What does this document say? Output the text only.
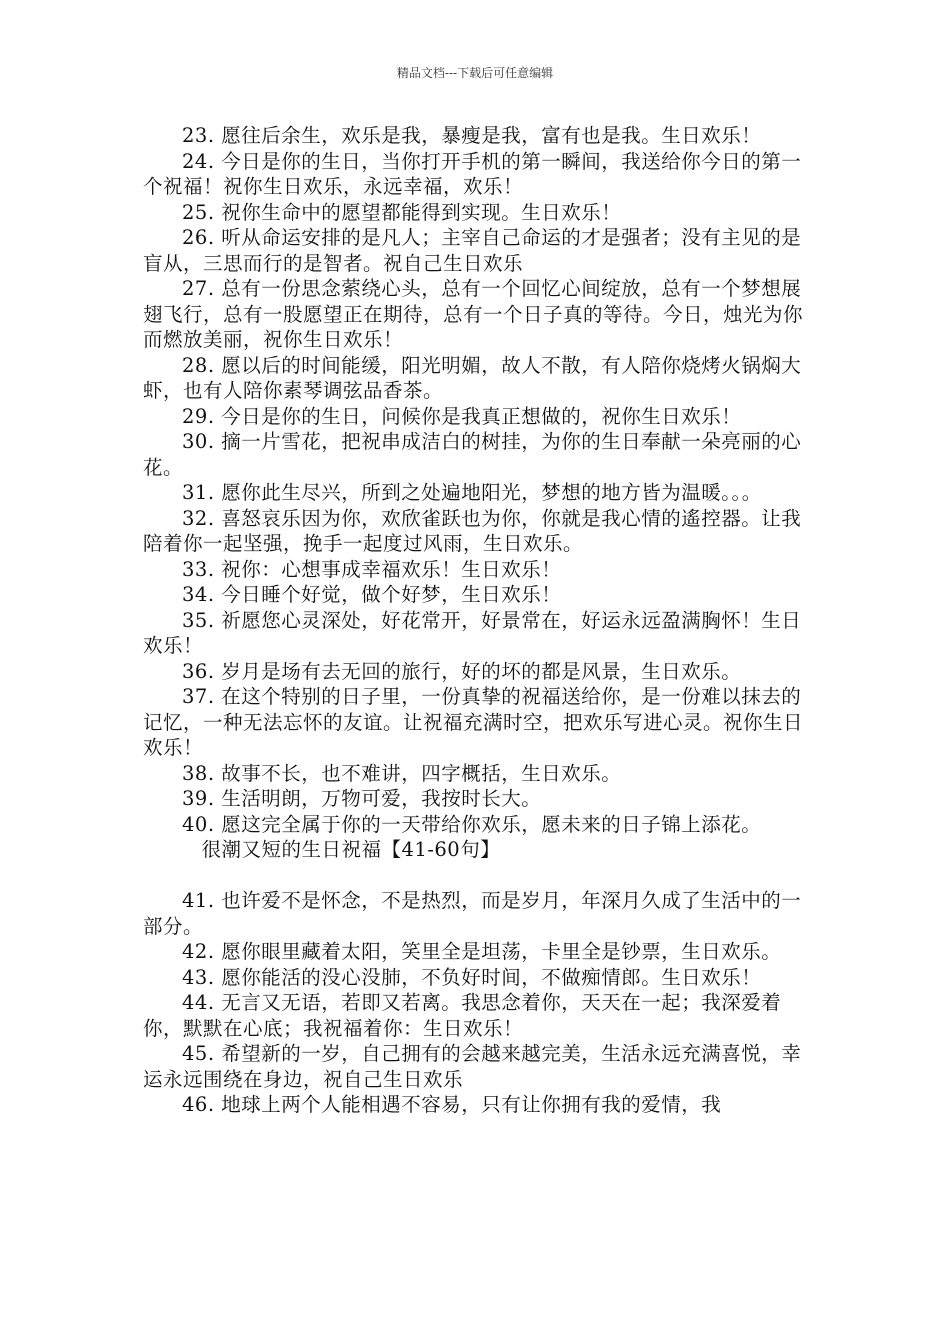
精品文档---下载后可任意编辑

23. 愿往后余生，欢乐是我，暴瘦是我，富有也是我。生日欢乐！

24. 今日是你的生日，当你打开手机的第一瞬间，我送给你今日的第一个祝福！祝你生日欢乐，永远幸福，欢乐！

25. 祝你生命中的愿望都能得到实现。生日欢乐！

26. 听从命运安排的是凡人；主宰自己命运的才是强者；没有主见的是盲从，三思而行的是智者。祝自己生日欢乐

27. 总有一份思念萦绕心头，总有一个回忆心间绽放，总有一个梦想展翅飞行，总有一股愿望正在期待，总有一个日子真的等待。今日，烛光为你而燃放美丽，祝你生日欢乐！

28. 愿以后的时间能缓，阳光明媚，故人不散，有人陪你烧烤火锅焖大虾，也有人陪你素琴调弦品香茶。

29. 今日是你的生日，问候你是我真正想做的，祝你生日欢乐！

30. 摘一片雪花，把祝串成洁白的树挂，为你的生日奉献一朵亮丽的心花。

31. 愿你此生尽兴，所到之处遍地阳光，梦想的地方皆为温暖。。。

32. 喜怒哀乐因为你，欢欣雀跃也为你，你就是我心情的遙控器。让我陪着你一起坚强，挽手一起度过风雨，生日欢乐。

33. 祝你：心想事成幸福欢乐！生日欢乐！

34. 今日睡个好觉，做个好梦，生日欢乐！

35. 祈愿您心灵深处，好花常开，好景常在，好运永远盈满胸怀！生日欢乐！

36. 岁月是场有去无回的旅行，好的坏的都是风景，生日欢乐。

37. 在这个特别的日子里，一份真挚的祝福送给你，是一份难以抹去的记忆，一种无法忘怀的友谊。让祝福充满时空，把欢乐写进心灵。祝你生日欢乐！

38. 故事不长，也不难讲，四字概括，生日欢乐。

39. 生活明朗，万物可爱，我按时长大。

40. 愿这完全属于你的一天带给你欢乐，愿未来的日子锦上添花。

很潮又短的生日祝福【41-60句】

41. 也许爱不是怀念，不是热烈，而是岁月，年深月久成了生活中的一部分。

42. 愿你眼里藏着太阳，笑里全是坦荡，卡里全是钞票，生日欢乐。

43. 愿你能活的没心没肺，不负好时间，不做痴情郎。生日欢乐！

44. 无言又无语，若即又若离。我思念着你，天天在一起；我深爱着你，默默在心底；我祝福着你：生日欢乐！

45. 希望新的一岁，自己拥有的会越来越完美，生活永远充满喜悦，幸运永远围绕在身边，祝自己生日欢乐

46. 地球上两个人能相遇不容易，只有让你拥有我的爱情，我
